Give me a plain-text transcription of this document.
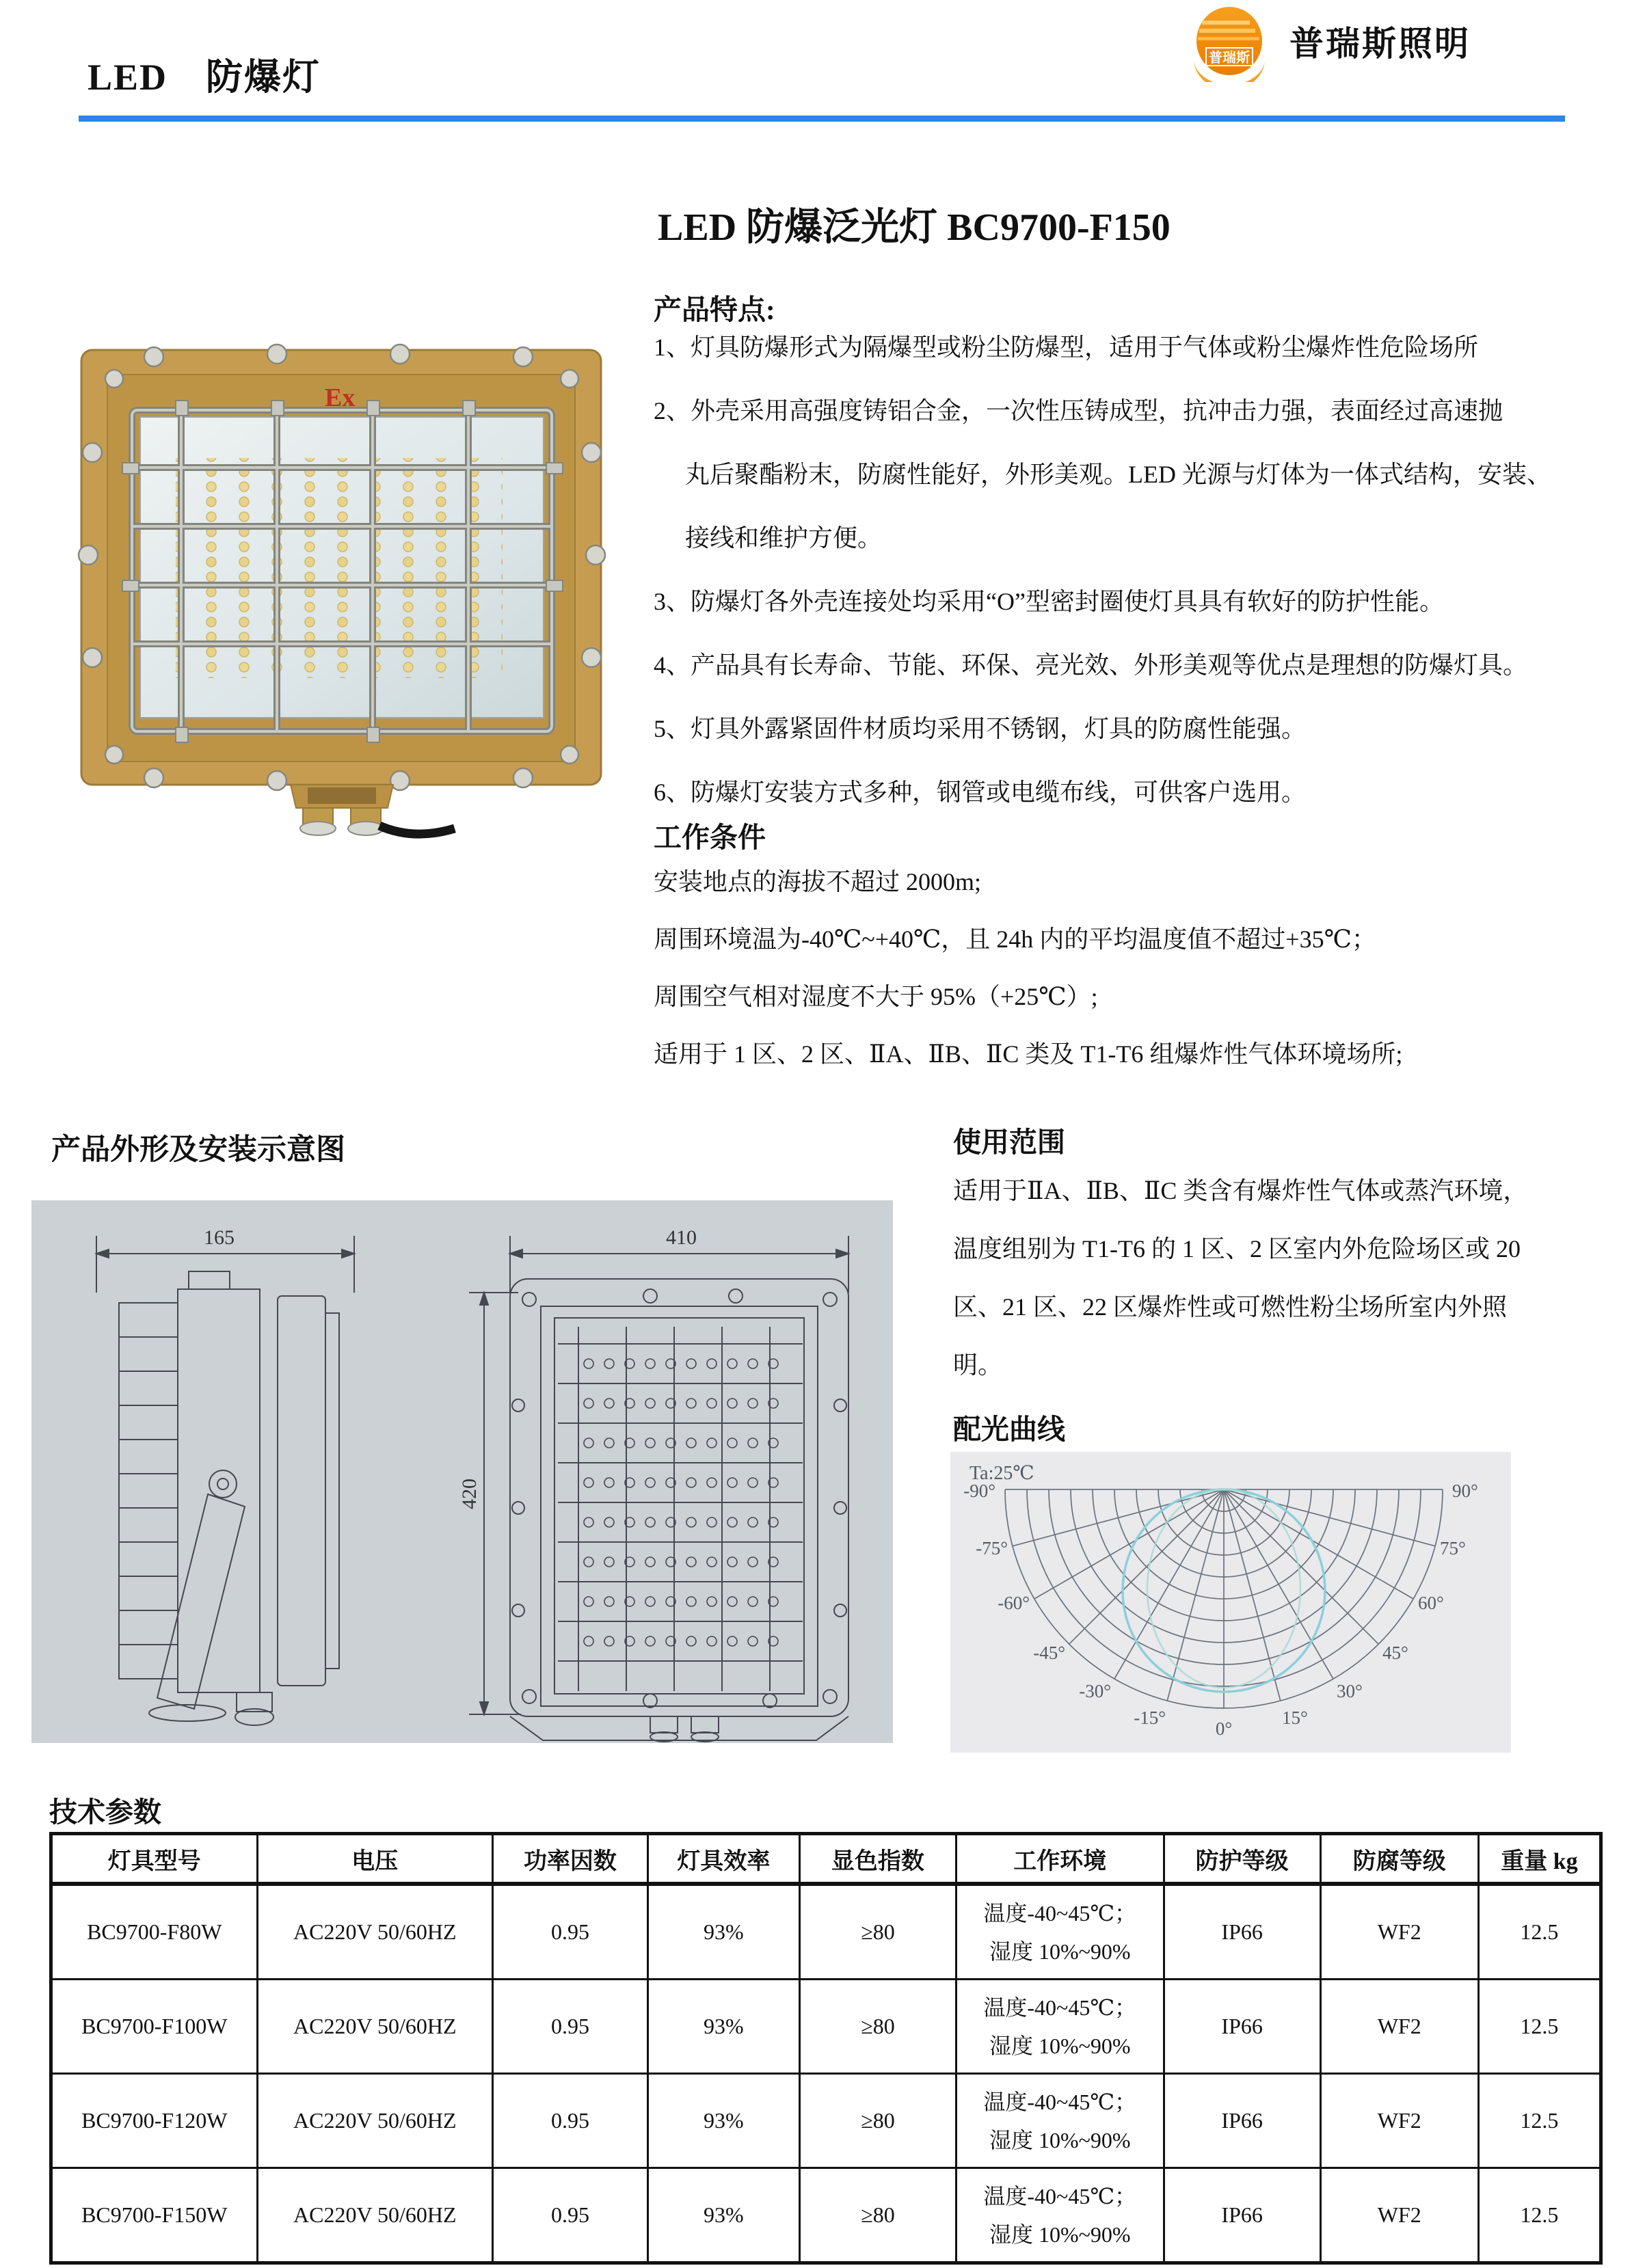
LED　防爆灯	普瑞斯 普瑞斯照明
LED 防爆泛光灯 BC9700-F150
产品特点:
1、灯具防爆形式为隔爆型或粉尘防爆型，适用于气体或粉尘爆炸性危险场所
2、外壳采用高强度铸铝合金，一次性压铸成型，抗冲击力强，表面经过高速抛
丸后聚酯粉末，防腐性能好，外形美观。LED 光源与灯体为一体式结构，安装、
接线和维护方便。
3、防爆灯各外壳连接处均采用“O”型密封圈使灯具具有软好的防护性能。
4、产品具有长寿命、节能、环保、亮光效、外形美观等优点是理想的防爆灯具。
5、灯具外露紧固件材质均采用不锈钢，灯具的防腐性能强。
6、防爆灯安装方式多种，钢管或电缆布线，可供客户选用。
Ex
工作条件
安装地点的海拔不超过 2000m;
周围环境温为-40℃~+40℃，且 24h 内的平均温度值不超过+35℃；
周围空气相对湿度不大于 95%（+25℃）;
适用于 1 区、2 区、ⅡA、ⅡB、ⅡC 类及 T1-T6 组爆炸性气体环境场所;
产品外形及安装示意图
165	410
420
使用范围
适用于ⅡA、ⅡB、ⅡC 类含有爆炸性气体或蒸汽环境，
温度组别为 T1-T6 的 1 区、2 区室内外危险场区或 20
区、21 区、22 区爆炸性或可燃性粉尘场所室内外照
明。
配光曲线
Ta:25℃
-90°
-75°
-60°
-45°
-30°
-15°
0°
15°
30°
45°
60°
75°
90°
技术参数
灯具型号	电压	功率因数	灯具效率	显色指数	工作环境	防护等级	防腐等级	重量 kg
BC9700-F80W	AC220V 50/60HZ	0.95	93%	≥80	温度-40~45℃；
湿度 10%~90%	IP66	WF2	12.5
BC9700-F100W	AC220V 50/60HZ	0.95	93%	≥80	温度-40~45℃；
湿度 10%~90%	IP66	WF2	12.5
BC9700-F120W	AC220V 50/60HZ	0.95	93%	≥80	温度-40~45℃；
湿度 10%~90%	IP66	WF2	12.5
BC9700-F150W	AC220V 50/60HZ	0.95	93%	≥80	温度-40~45℃；
湿度 10%~90%	IP66	WF2	12.5
